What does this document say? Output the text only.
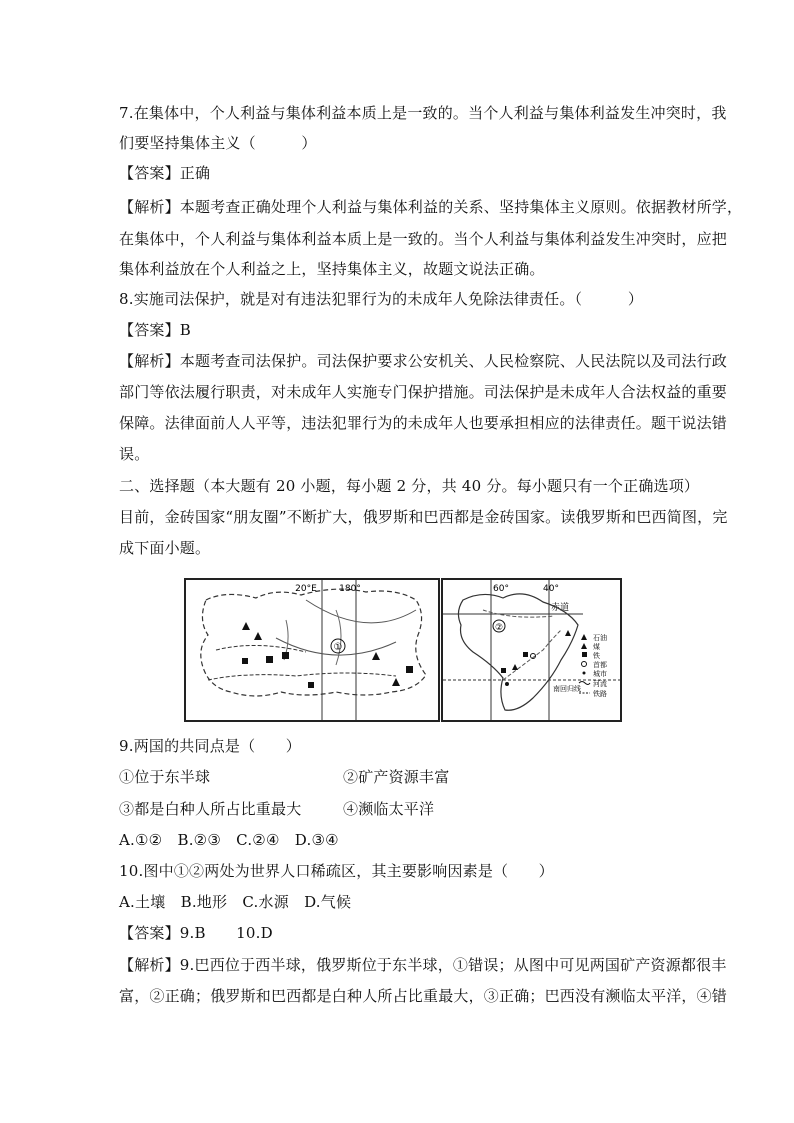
7.在集体中，个人利益与集体利益本质上是一致的。当个人利益与集体利益发生冲突时，我
们要坚持集体主义（　　　）
【答案】正确
【解析】本题考查正确处理个人利益与集体利益的关系、坚持集体主义原则。依据教材所学，
在集体中，个人利益与集体利益本质上是一致的。当个人利益与集体利益发生冲突时，应把
集体利益放在个人利益之上，坚持集体主义，故题文说法正确。
8.实施司法保护，就是对有违法犯罪行为的未成年人免除法律责任。（　　　）
【答案】B
【解析】本题考查司法保护。司法保护要求公安机关、人民检察院、人民法院以及司法行政
部门等依法履行职责，对未成年人实施专门保护措施。司法保护是未成年人合法权益的重要
保障。法律面前人人平等，违法犯罪行为的未成年人也要承担相应的法律责任。题干说法错
误。
二、选择题（本大题有 20 小题，每小题 2 分，共 40 分。每小题只有一个正确选项）
目前，金砖国家“朋友圈”不断扩大，俄罗斯和巴西都是金砖国家。读俄罗斯和巴西简图，完
成下面小题。
①
20°E 180°
赤道
南回归线
②
60°	40°
石油
煤
铁
首都
城市
河流
铁路
9.两国的共同点是（　　）
①位于东半球	②矿产资源丰富
③都是白种人所占比重最大	④濒临太平洋
A.①②　B.②③　C.②④　D.③④
10.图中①②两处为世界人口稀疏区，其主要影响因素是（　　）
A.土壤　B.地形　C.水源　D.气候
【答案】9.B　　10.D
【解析】9.巴西位于西半球，俄罗斯位于东半球，①错误；从图中可见两国矿产资源都很丰
富，②正确；俄罗斯和巴西都是白种人所占比重最大，③正确；巴西没有濒临太平洋，④错
